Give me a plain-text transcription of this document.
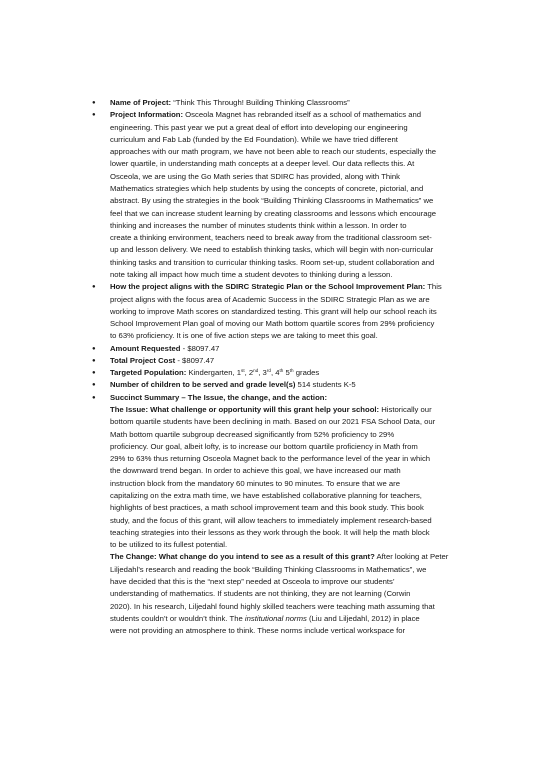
●	Name of Project: “Think This Through! Building Thinking Classrooms”
●	Project Information: Osceola Magnet has rebranded itself as a school of mathematics and
engineering. This past year we put a great deal of effort into developing our engineering
curriculum and Fab Lab (funded by the Ed Foundation). While we have tried different
approaches with our math program, we have not been able to reach our students, especially the
lower quartile, in understanding math concepts at a deeper level. Our data reflects this. At
Osceola, we are using the Go Math series that SDIRC has provided, along with Think
Mathematics strategies which help students by using the concepts of concrete, pictorial, and
abstract. By using the strategies in the book “Building Thinking Classrooms in Mathematics” we
feel that we can increase student learning by creating classrooms and lessons which encourage
thinking and increases the number of minutes students think within a lesson. In order to
create a thinking environment, teachers need to break away from the traditional classroom set-
up and lesson delivery. We need to establish thinking tasks, which will begin with non-curricular
thinking tasks and transition to curricular thinking tasks. Room set-up, student collaboration and
note taking all impact how much time a student devotes to thinking during a lesson.
●	How the project aligns with the SDIRC Strategic Plan or the School Improvement Plan: This
project aligns with the focus area of Academic Success in the SDIRC Strategic Plan as we are
working to improve Math scores on standardized testing. This grant will help our school reach its
School Improvement Plan goal of moving our Math bottom quartile scores from 29% proficiency
to 63% proficiency. It is one of five action steps we are taking to meet this goal.
●	Amount Requested - $8097.47
●	Total Project Cost - $8097.47
●	Targeted Population: Kindergarten, 1st, 2nd, 3rd, 4th 5th grades
●	Number of children to be served and grade level(s) 514 students K-5
●	Succinct Summary – The Issue, the change, and the action:
The Issue: What challenge or opportunity will this grant help your school: Historically our
bottom quartile students have been declining in math. Based on our 2021 FSA School Data, our
Math bottom quartile subgroup decreased significantly from 52% proficiency to 29%
proficiency. Our goal, albeit lofty, is to increase our bottom quartile proficiency in Math from
29% to 63% thus returning Osceola Magnet back to the performance level of the year in which
the downward trend began. In order to achieve this goal, we have increased our math
instruction block from the mandatory 60 minutes to 90 minutes. To ensure that we are
capitalizing on the extra math time, we have established collaborative planning for teachers,
highlights of best practices, a math school improvement team and this book study. This book
study, and the focus of this grant, will allow teachers to immediately implement research-based
teaching strategies into their lessons as they work through the book. It will help the math block
to be utilized to its fullest potential.
The Change: What change do you intend to see as a result of this grant? After looking at Peter
Liljedahl’s research and reading the book “Building Thinking Classrooms in Mathematics”, we
have decided that this is the “next step” needed at Osceola to improve our students’
understanding of mathematics. If students are not thinking, they are not learning (Corwin
2020). In his research, Liljedahl found highly skilled teachers were teaching math assuming that
students couldn’t or wouldn’t think. The institutional norms (Liu and Liljedahl, 2012) in place
were not providing an atmosphere to think. These norms include vertical workspace for
